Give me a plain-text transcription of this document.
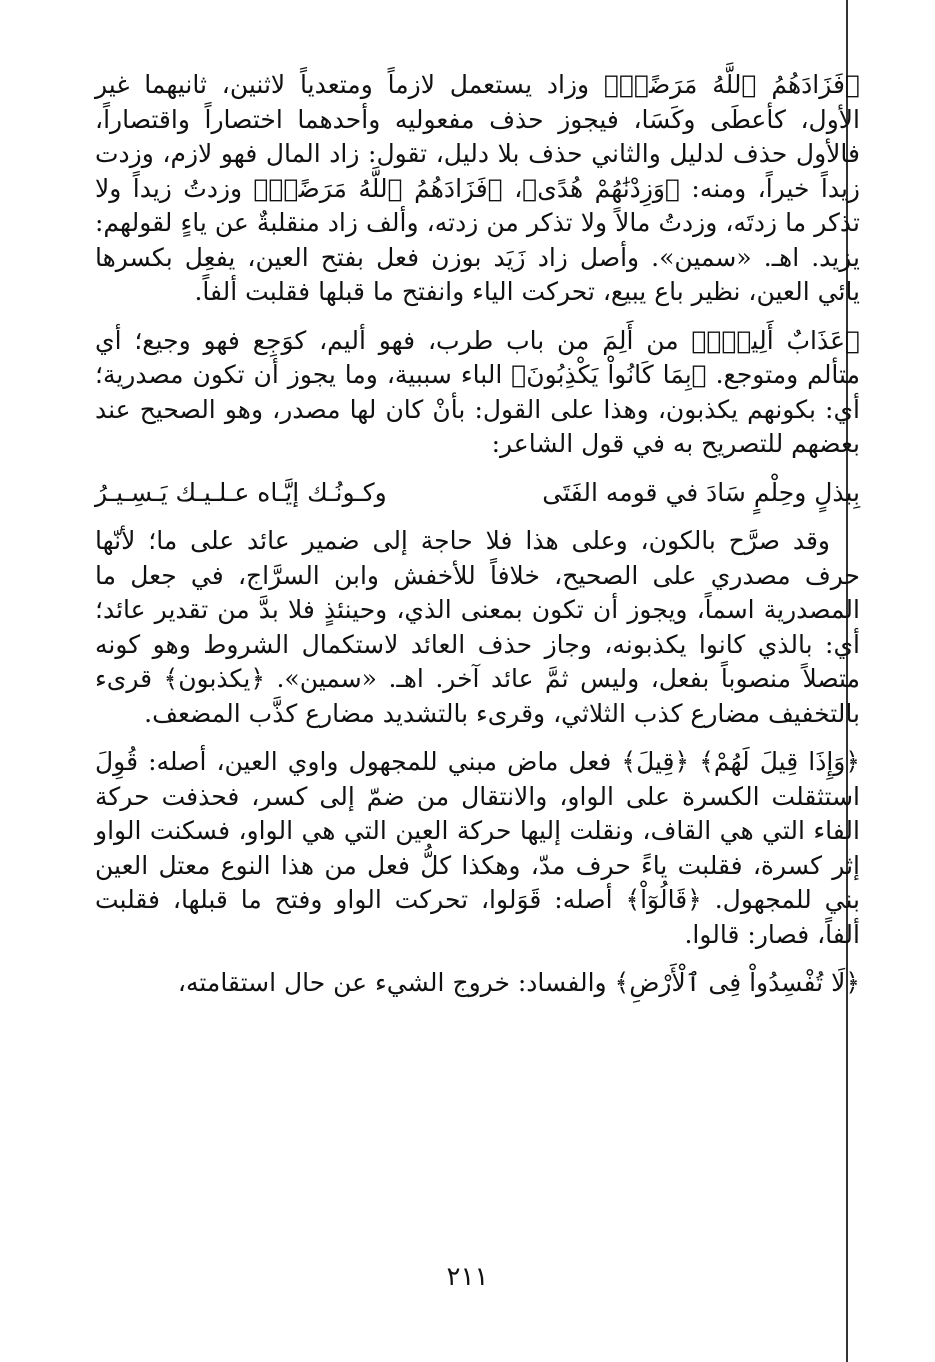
﴿فَزَادَهُمُ ٱللَّهُ مَرَضًاۖ﴾ وزاد يستعمل لازماً ومتعدياً لاثنين، ثانيهما غير الأول، كأعطَى وكَسَا، فيجوز حذف مفعوليه وأحدهما اختصاراً واقتصاراً، فالأول حذف لدليل والثاني حذف بلا دليل، تقول: زاد المال فهو لازم، وزدت زيداً خيراً، ومنه: ﴿وَزِدْنَٰهُمْ هُدًى﴾، ﴿فَزَادَهُمُ ٱللَّهُ مَرَضًاۖ﴾ وزدتُ زيداً ولا تذكر ما زدتَه، وزدتُ مالاً ولا تذكر من زدته، وألف زاد منقلبةٌ عن ياءٍ لقولهم: يزيد. اهـ. «سمين». وأصل زاد زَيَد بوزن فعل بفتح العين، يفعِل بكسرها يائي العين، نظير باع يبيع، تحركت الياء وانفتح ما قبلها فقلبت ألفاً.

﴿عَذَابٌ أَلِيمُۢ﴾ من أَلِمَ من باب طرب، فهو أليم، كوَجِع فهو وجيع؛ أي متألم ومتوجع. ﴿بِمَا كَانُواْ يَكْذِبُونَ﴾ الباء سببية، وما يجوز أن تكون مصدرية؛ أي: بكونهم يكذبون، وهذا على القول: بأنْ كان لها مصدر، وهو الصحيح عند بعضهم للتصريح به في قول الشاعر:

بِبذلٍ وحِلْمٍ سَادَ في قومه الفَتَى
وكـونُـك إيَّـاه عـلـيـك يَـسِـيـرُ

وقد صرَّح بالكون، وعلى هذا فلا حاجة إلى ضمير عائد على ما؛ لأنّها حرف مصدري على الصحيح، خلافاً للأخفش وابن السرَّاج، في جعل ما المصدرية اسماً، ويجوز أن تكون بمعنى الذي، وحينئذٍ فلا بدَّ من تقدير عائد؛ أي: بالذي كانوا يكذبونه، وجاز حذف العائد لاستكمال الشروط وهو كونه متصلاً منصوباً بفعل، وليس ثمَّ عائد آخر. اهـ. «سمين». ﴿يكذبون﴾ قرىء بالتخفيف مضارع كذب الثلاثي، وقرىء بالتشديد مضارع كذَّب المضعف.

﴿وَإِذَا قِيلَ لَهُمْ﴾ ﴿قِيلَ﴾ فعل ماض مبني للمجهول واوي العين، أصله: قُوِلَ استثقلت الكسرة على الواو، والانتقال من ضمّ إلى كسر، فحذفت حركة الفاء التي هي القاف، ونقلت إليها حركة العين التي هي الواو، فسكنت الواو إثر كسرة، فقلبت ياءً حرف مدّ، وهكذا كلُّ فعل من هذا النوع معتل العين بني للمجهول. ﴿قَالُوٓاْ﴾ أصله: قَوَلوا، تحركت الواو وفتح ما قبلها، فقلبت ألفاً، فصار: قالوا.

﴿لَا تُفْسِدُواْ فِى ٱلْأَرْضِ﴾ والفساد: خروج الشيء عن حال استقامته،

٢١١
